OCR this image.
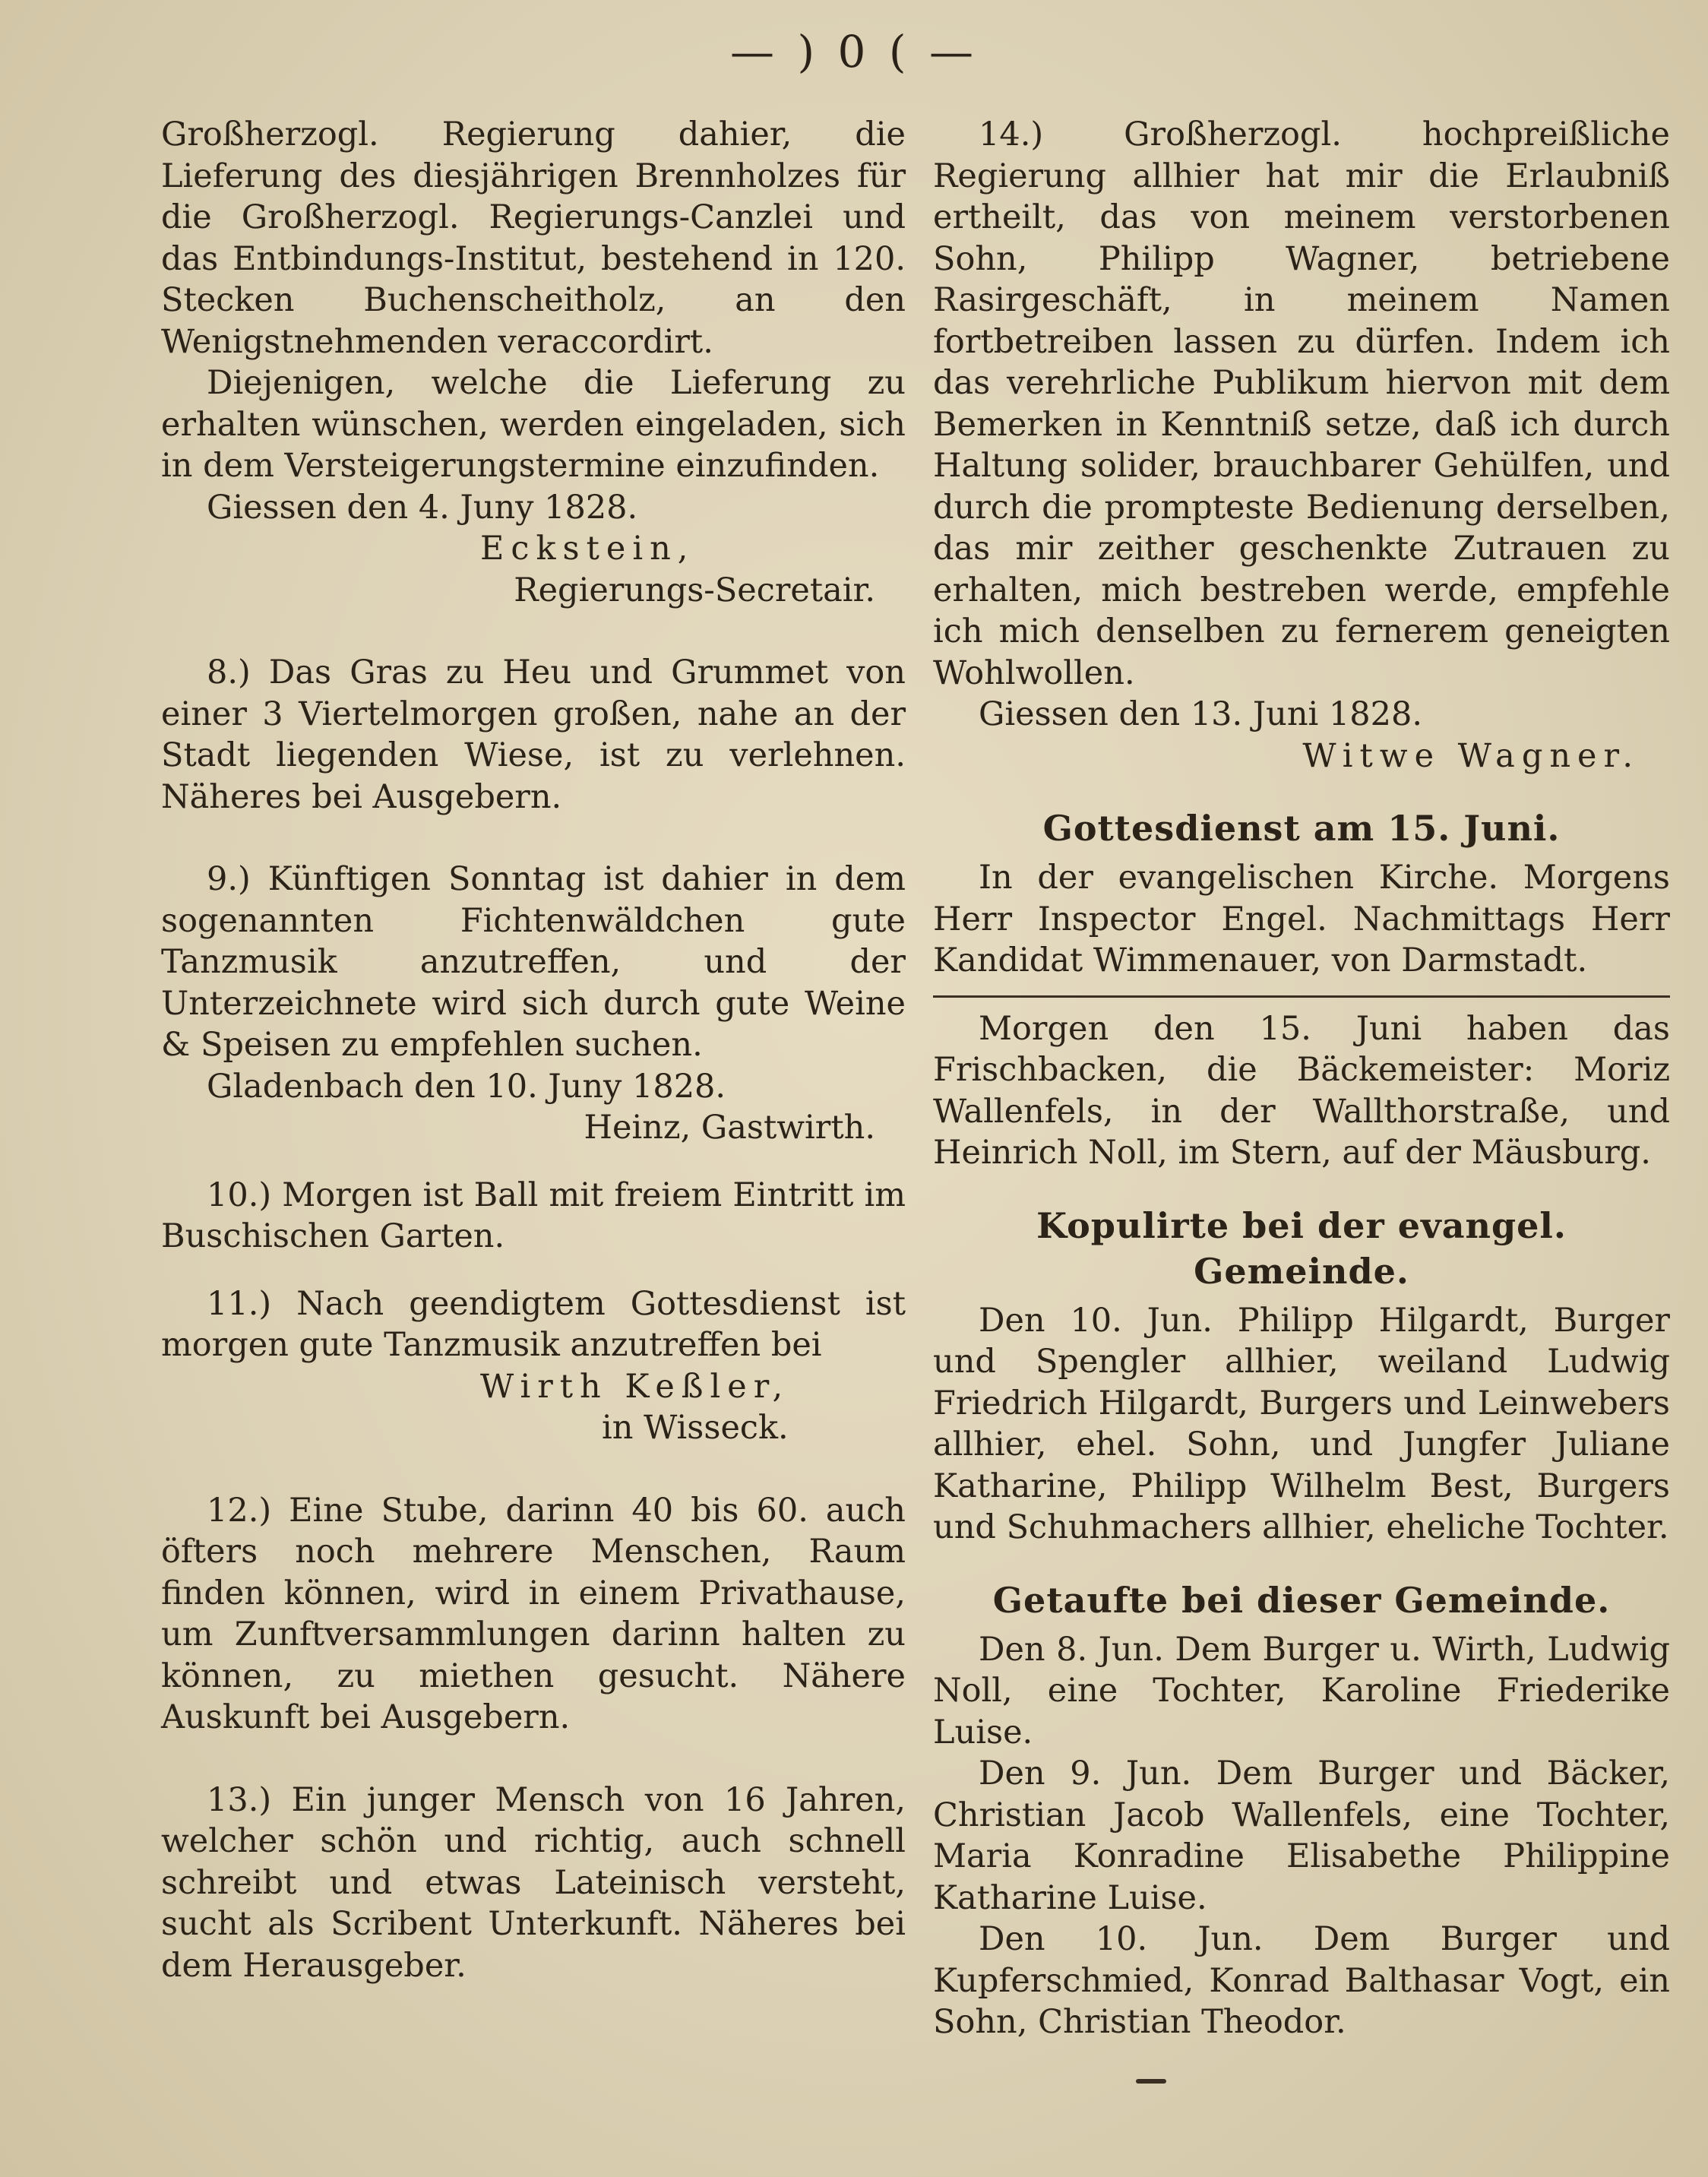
— ) 0 ( —

Großherzogl. Regierung dahier, die Lieferung des diesjährigen Brennholzes für die Großherzogl. Regierungs-Canzlei und das Entbindungs-Institut, bestehend in 120. Stecken Buchenscheitholz, an den Wenigstnehmenden veraccordirt.

Diejenigen, welche die Lieferung zu erhalten wünschen, werden eingeladen, sich in dem Versteigerungstermine einzufinden.

Giessen den 4. Juny 1828.
Eckstein,
Regierungs-Secretair.

8.) Das Gras zu Heu und Grummet von einer 3 Viertelmorgen großen, nahe an der Stadt liegenden Wiese, ist zu verlehnen. Näheres bei Ausgebern.

9.) Künftigen Sonntag ist dahier in dem sogenannten Fichtenwäldchen gute Tanzmusik anzutreffen, und der Unterzeichnete wird sich durch gute Weine & Speisen zu empfehlen suchen.

Gladenbach den 10. Juny 1828.
Heinz, Gastwirth.

10.) Morgen ist Ball mit freiem Eintritt im Buschischen Garten.

11.) Nach geendigtem Gottesdienst ist morgen gute Tanzmusik anzutreffen bei

Wirth Keßler,
in Wisseck.

12.) Eine Stube, darinn 40 bis 60. auch öfters noch mehrere Menschen, Raum finden können, wird in einem Privathause, um Zunftversammlungen darinn halten zu können, zu miethen gesucht. Nähere Auskunft bei Ausgebern.

13.) Ein junger Mensch von 16 Jahren, welcher schön und richtig, auch schnell schreibt und etwas Lateinisch versteht, sucht als Scribent Unterkunft. Näheres bei dem Herausgeber.

14.) Großherzogl. hochpreißliche Regierung allhier hat mir die Erlaubniß ertheilt, das von meinem verstorbenen Sohn, Philipp Wagner, betriebene Rasirgeschäft, in meinem Namen fortbetreiben lassen zu dürfen. Indem ich das verehrliche Publikum hiervon mit dem Bemerken in Kenntniß setze, daß ich durch Haltung solider, brauchbarer Gehülfen, und durch die prompteste Bedienung derselben, das mir zeither geschenkte Zutrauen zu erhalten, mich bestreben werde, empfehle ich mich denselben zu fernerem geneigten Wohlwollen.

Giessen den 13. Juni 1828.
Witwe Wagner.
Gottesdienst am 15. Juni.

In der evangelischen Kirche. Morgens Herr Inspector Engel. Nachmittags Herr Kandidat Wimmenauer, von Darmstadt.

Morgen den 15. Juni haben das Frischbacken, die Bäckemeister: Moriz Wallenfels, in der Wallthorstraße, und Heinrich Noll, im Stern, auf der Mäusburg.

Kopulirte bei der evangel. Gemeinde.

Den 10. Jun. Philipp Hilgardt, Burger und Spengler allhier, weiland Ludwig Friedrich Hilgardt, Burgers und Leinwebers allhier, ehel. Sohn, und Jungfer Juliane Katharine, Philipp Wilhelm Best, Burgers und Schuhmachers allhier, eheliche Tochter.

Getaufte bei dieser Gemeinde.

Den 8. Jun. Dem Burger u. Wirth, Ludwig Noll, eine Tochter, Karoline Friederike Luise.

Den 9. Jun. Dem Burger und Bäcker, Christian Jacob Wallenfels, eine Tochter, Maria Konradine Elisabethe Philippine Katharine Luise.

Den 10. Jun. Dem Burger und Kupferschmied, Konrad Balthasar Vogt, ein Sohn, Christian Theodor.
